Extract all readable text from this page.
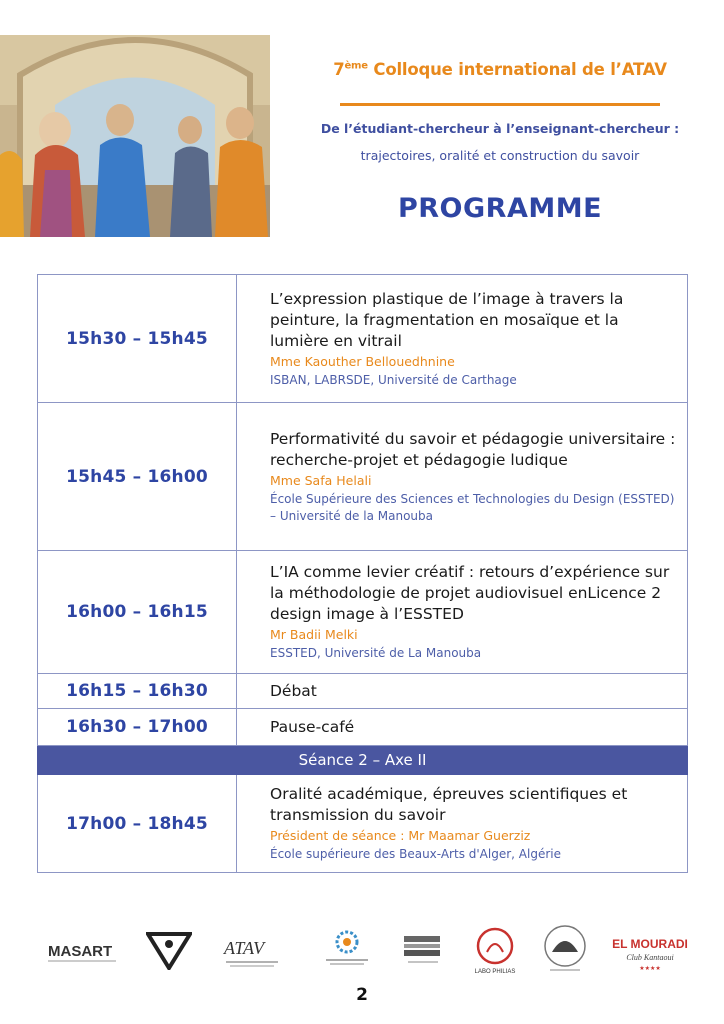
7ème Colloque international de l’ATAV

De l’étudiant-chercheur à l’enseignant-chercheur :

trajectoires, oralité et construction du savoir

PROGRAMME

15h30 – 15h45	L’expression plastique de l’image à travers la peinture, la fragmentation en mosaïque et la lumière en vitrail

Mme Kaouther Bellouedhnine

ISBAN, LABRSDE, Université de Carthage

15h45 – 16h00	Performativité du savoir et pédagogie universitaire : recherche-projet et pédagogie ludique

Mme Safa Helali

École Supérieure des Sciences et Technologies du Design (ESSTED) – Université de la Manouba

16h00 – 16h15	L’IA comme levier créatif : retours d’expérience sur la méthodologie de projet audiovisuel enLicence 2 design image à l’ESSTED

Mr Badii Melki

ESSTED, Université de La Manouba

16h15 – 16h30	Débat

16h30 – 17h00	Pause-café

Séance 2 – Axe II	
17h00 – 18h45	Oralité académique, épreuves scientifiques et transmission du savoir

Président de séance : Mr Maamar Guerziz

École supérieure des Beaux-Arts d'Alger, Algérie

MASART	ATAV
LABO PHILIAS
EL MOURADI
Club Kantaoui
★★★★
2
